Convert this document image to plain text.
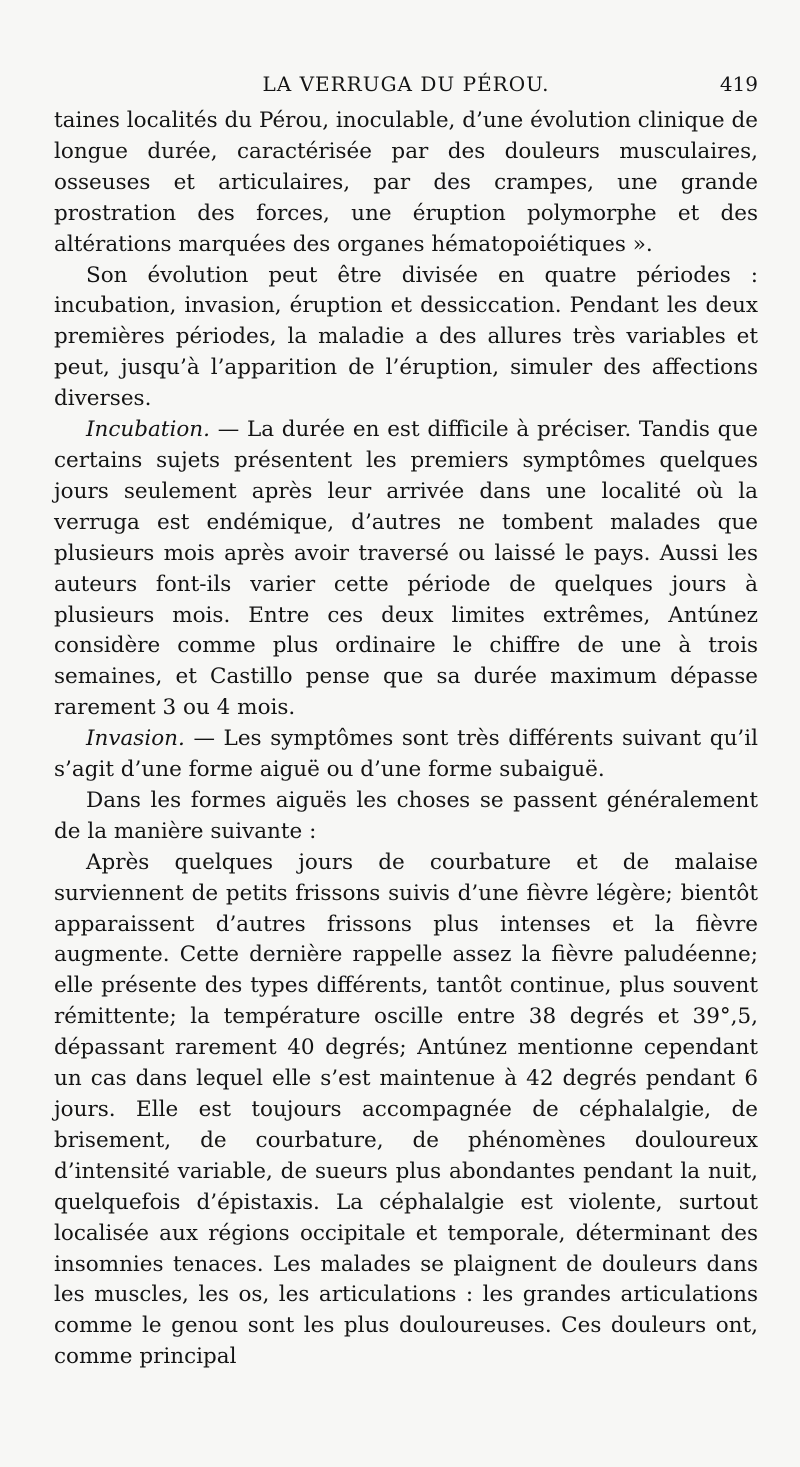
LA VERRUGA DU PÉROU.	419

taines localités du Pérou, inoculable, d’une évolution clinique de longue durée, caractérisée par des douleurs musculaires, osseuses et articulaires, par des crampes, une grande prostration des forces, une éruption polymorphe et des altérations marquées des organes hématopoiétiques ».

Son évolution peut être divisée en quatre périodes : incubation, invasion, éruption et dessiccation. Pendant les deux premières périodes, la maladie a des allures très variables et peut, jusqu’à l’apparition de l’éruption, simuler des affections diverses.

Incubation. — La durée en est difficile à préciser. Tandis que certains sujets présentent les premiers symptômes quelques jours seulement après leur arrivée dans une localité où la verruga est endémique, d’autres ne tombent malades que plusieurs mois après avoir traversé ou laissé le pays. Aussi les auteurs font-ils varier cette période de quelques jours à plusieurs mois. Entre ces deux limites extrêmes, Antúnez considère comme plus ordinaire le chiffre de une à trois semaines, et Castillo pense que sa durée maximum dépasse rarement 3 ou 4 mois.

Invasion. — Les symptômes sont très différents suivant qu’il s’agit d’une forme aiguë ou d’une forme subaiguë.

Dans les formes aiguës les choses se passent généralement de la manière suivante :

Après quelques jours de courbature et de malaise surviennent de petits frissons suivis d’une fièvre légère; bientôt apparaissent d’autres frissons plus intenses et la fièvre augmente. Cette dernière rappelle assez la fièvre paludéenne; elle présente des types différents, tantôt continue, plus souvent rémittente; la température oscille entre 38 degrés et 39°,5, dépassant rarement 40 degrés; Antúnez mentionne cependant un cas dans lequel elle s’est maintenue à 42 degrés pendant 6 jours. Elle est toujours accompagnée de céphalalgie, de brisement, de courbature, de phénomènes douloureux d’intensité variable, de sueurs plus abondantes pendant la nuit, quelquefois d’épistaxis. La céphalalgie est violente, surtout localisée aux régions occipitale et temporale, déterminant des insomnies tenaces. Les malades se plaignent de douleurs dans les muscles, les os, les articulations : les grandes articulations comme le genou sont les plus douloureuses. Ces douleurs ont, comme principal
